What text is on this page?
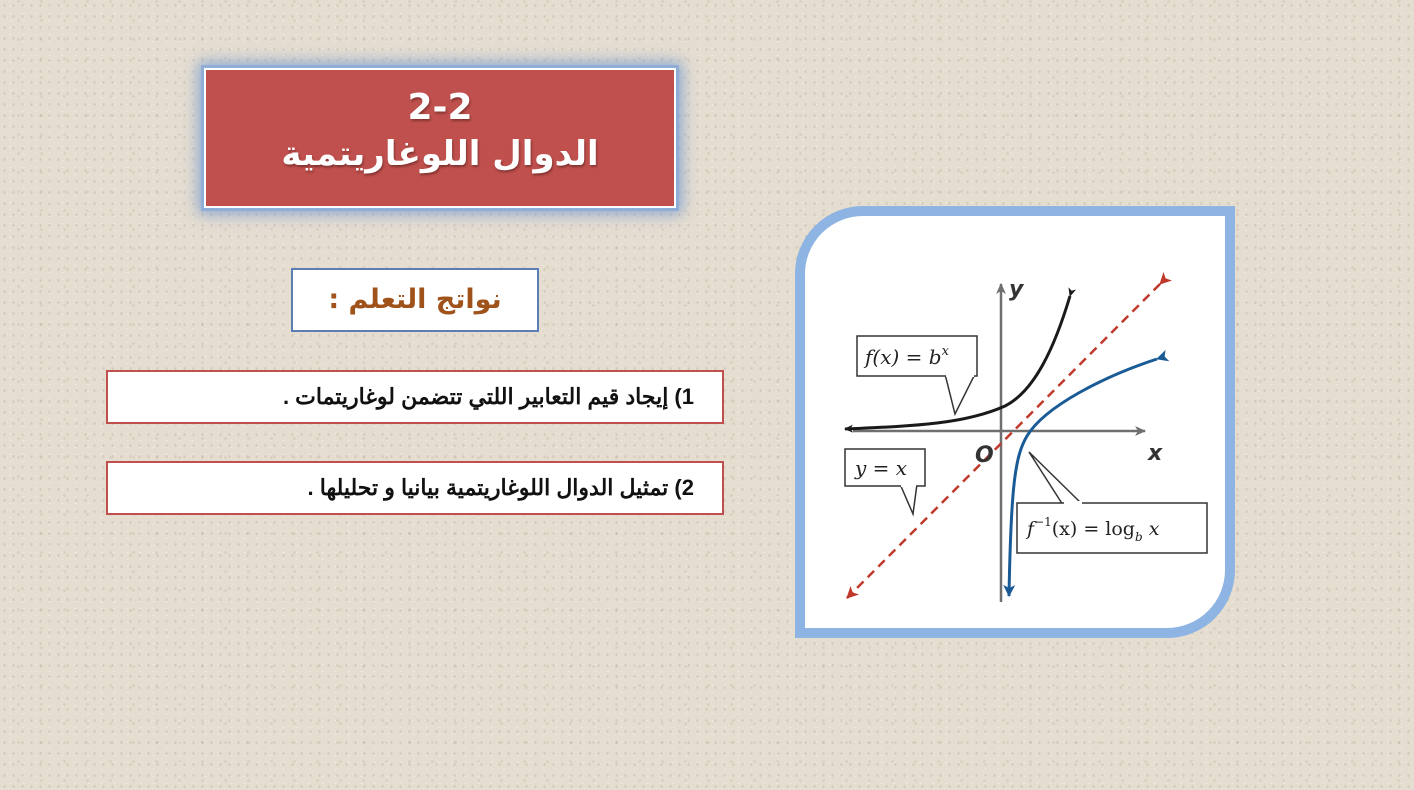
2-2
الدوال اللوغاريتمية
نواتج التعلم :
1) إيجاد قيم التعابير اللتي تتضمن لوغاريتمات .
2) تمثيل الدوال اللوغاريتمية بيانيا و تحليلها .
$f(x) = b^x$
y = x
$f^{-1}(x) = \log_b x$
y
x
O
